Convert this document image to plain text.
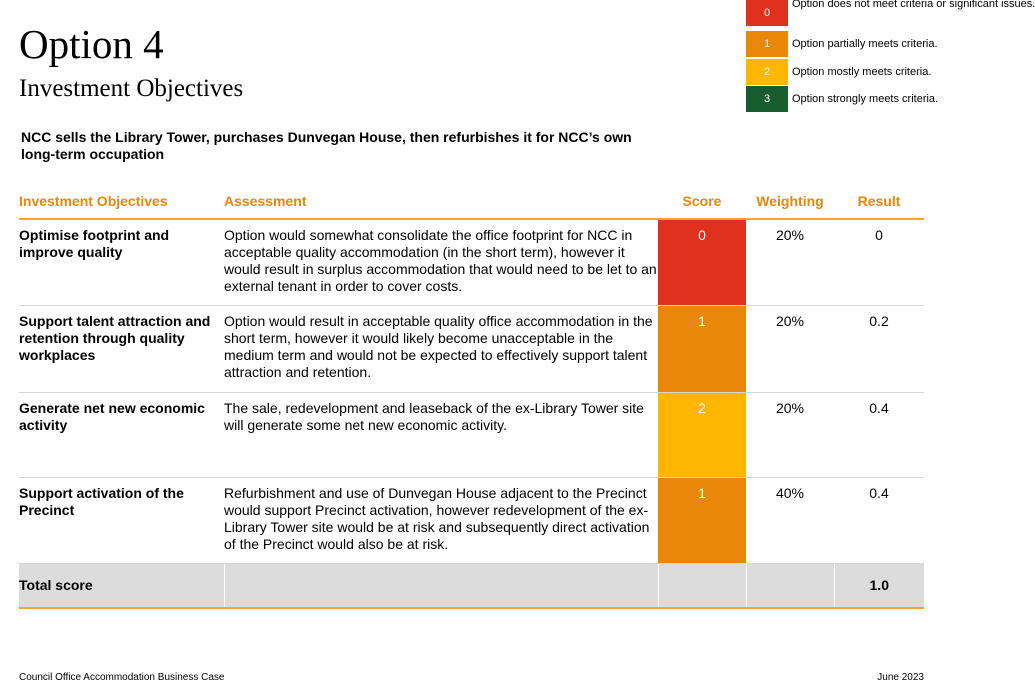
Option 4
Investment Objectives
NCC sells the Library Tower, purchases Dunvegan House, then refurbishes it for NCC’s own long-term occupation
0
Option does not meet criteria or significant issues.
1	Option partially meets criteria.
2	Option mostly meets criteria.
3	Option strongly meets criteria.
Investment Objectives	Assessment	Score	Weighting	Result
Optimise footprint and improve quality	Option would somewhat consolidate the office footprint for NCC in acceptable quality accommodation (in the short term), however it would result in surplus accommodation that would need to be let to an external tenant in order to cover costs.	0	20%	0
Support talent attraction and retention through quality workplaces	Option would result in acceptable quality office accommodation in the short term, however it would likely become unacceptable in the medium term and would not be expected to effectively support talent attraction and retention.	1	20%	0.2
Generate net new economic activity	The sale, redevelopment and leaseback of the ex-Library Tower site will generate some net new economic activity.	2	20%	0.4
Support activation of the Precinct	Refurbishment and use of Dunvegan House adjacent to the Precinct would support Precinct activation, however redevelopment of the ex-Library Tower site would be at risk and subsequently direct activation of the Precinct would also be at risk.	1	40%	0.4
Total score				1.0
Council Office Accommodation Business Case	June 2023
